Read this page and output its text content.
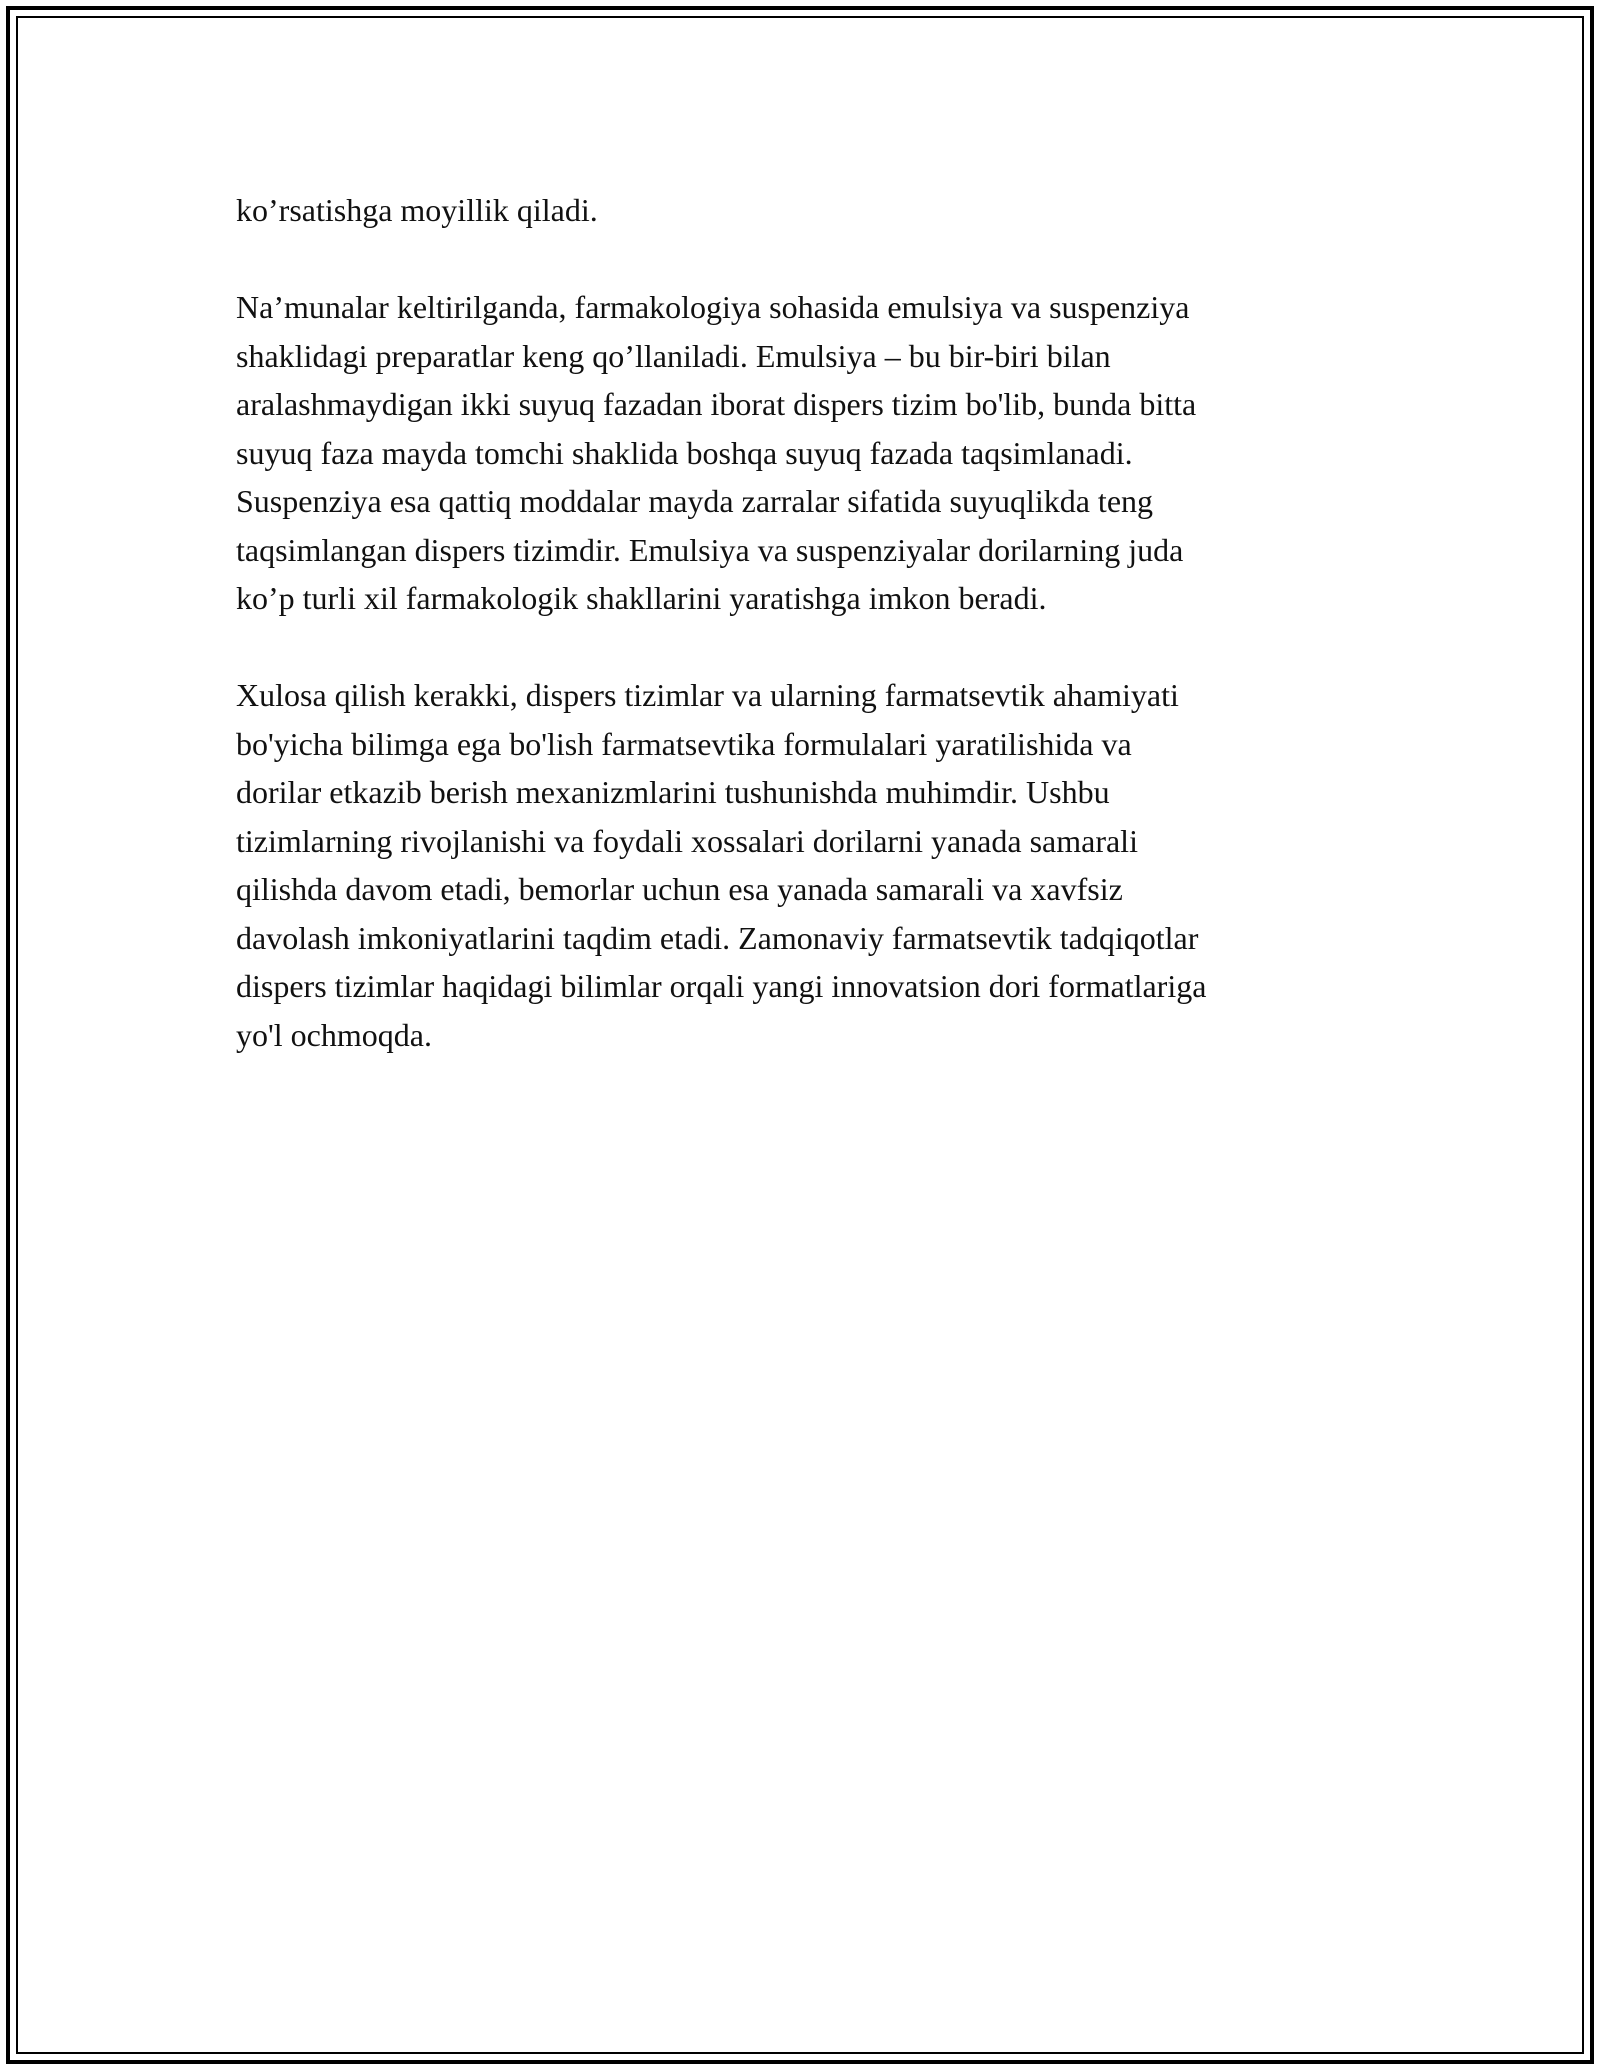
ko’rsatishga moyillik qiladi.
Na’munalar keltirilganda, farmakologiya sohasida emulsiya va suspenziya
shaklidagi preparatlar keng qo’llaniladi. Emulsiya – bu bir-biri bilan
aralashmaydigan ikki suyuq fazadan iborat dispers tizim bo'lib, bunda bitta
suyuq faza mayda tomchi shaklida boshqa suyuq fazada taqsimlanadi.
Suspenziya esa qattiq moddalar mayda zarralar sifatida suyuqlikda teng
taqsimlangan dispers tizimdir. Emulsiya va suspenziyalar dorilarning juda
ko’p turli xil farmakologik shakllarini yaratishga imkon beradi.
Xulosa qilish kerakki, dispers tizimlar va ularning farmatsevtik ahamiyati
bo'yicha bilimga ega bo'lish farmatsevtika formulalari yaratilishida va
dorilar etkazib berish mexanizmlarini tushunishda muhimdir. Ushbu
tizimlarning rivojlanishi va foydali xossalari dorilarni yanada samarali
qilishda davom etadi, bemorlar uchun esa yanada samarali va xavfsiz
davolash imkoniyatlarini taqdim etadi. Zamonaviy farmatsevtik tadqiqotlar
dispers tizimlar haqidagi bilimlar orqali yangi innovatsion dori formatlariga
yo'l ochmoqda.
